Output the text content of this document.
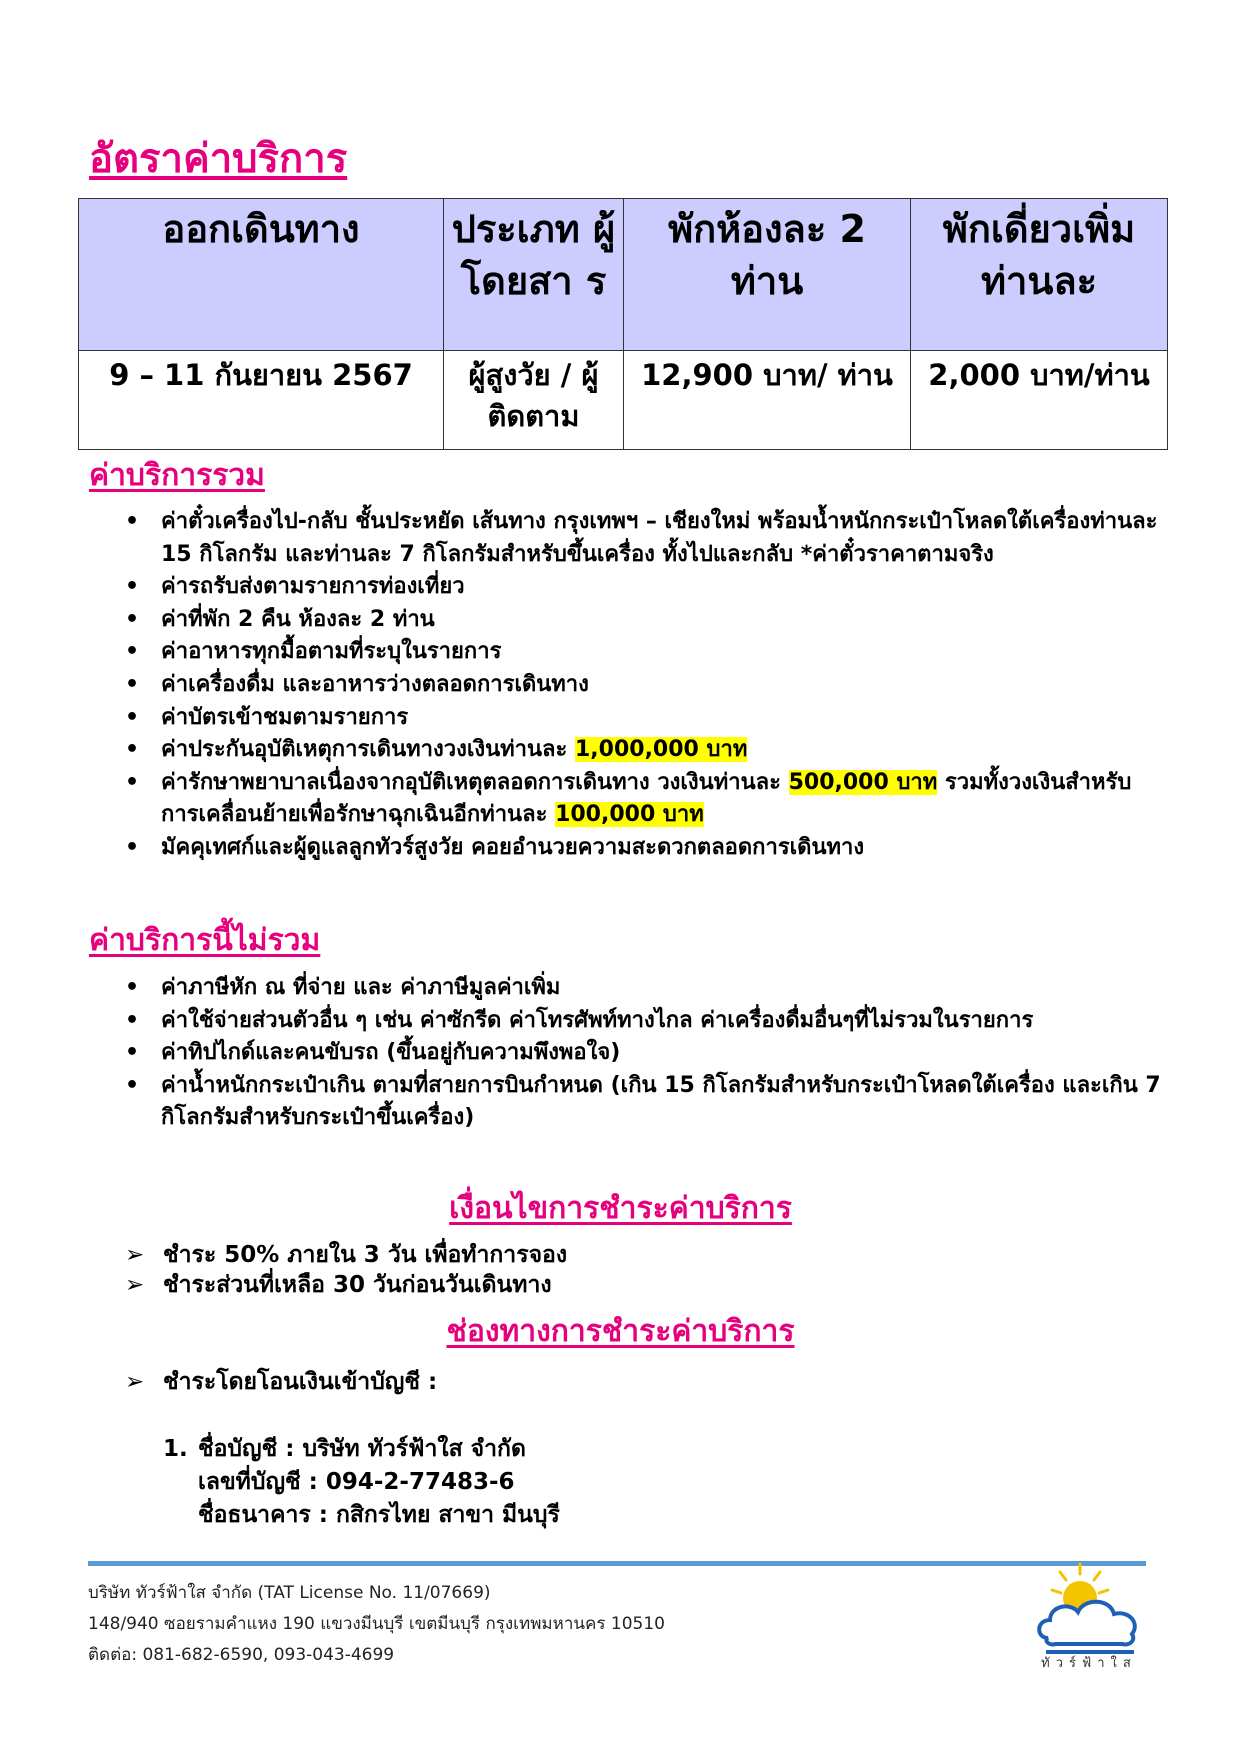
อัตราค่าบริการ
ออกเดินทาง	ประเภท ผู้โดยสา ร	พักห้องละ 2 ท่าน	พักเดี่ยวเพิ่ม ท่านละ
9 – 11 กันยายน 2567	ผู้สูงวัย / ผู้ติดตาม	12,900 บาท/ ท่าน	2,000 บาท/ท่าน
ค่าบริการรวม
• ค่าตั๋วเครื่องไป-กลับ ชั้นประหยัด เส้นทาง กรุงเทพฯ – เชียงใหม่ พร้อมน้ำหนักกระเป๋าโหลดใต้เครื่องท่านละ 15 กิโลกรัม และท่านละ 7 กิโลกรัมสำหรับขึ้นเครื่อง ทั้งไปและกลับ *ค่าตั๋วราคาตามจริง
• ค่ารถรับส่งตามรายการท่องเที่ยว
• ค่าที่พัก 2 คืน ห้องละ 2 ท่าน
• ค่าอาหารทุกมื้อตามที่ระบุในรายการ
• ค่าเครื่องดื่ม และอาหารว่างตลอดการเดินทาง
• ค่าบัตรเข้าชมตามรายการ
• ค่าประกันอุบัติเหตุการเดินทางวงเงินท่านละ 1,000,000 บาท
• ค่ารักษาพยาบาลเนื่องจากอุบัติเหตุตลอดการเดินทาง วงเงินท่านละ 500,000 บาท รวมทั้งวงเงินสำหรับการเคลื่อนย้ายเพื่อรักษาฉุกเฉินอีกท่านละ 100,000 บาท
• มัคคุเทศก์และผู้ดูแลลูกทัวร์สูงวัย คอยอำนวยความสะดวกตลอดการเดินทาง
ค่าบริการนี้ไม่รวม
• ค่าภาษีหัก ณ ที่จ่าย และ ค่าภาษีมูลค่าเพิ่ม
• ค่าใช้จ่ายส่วนตัวอื่น ๆ เช่น ค่าซักรีด ค่าโทรศัพท์ทางไกล ค่าเครื่องดื่มอื่นๆที่ไม่รวมในรายการ
• ค่าทิปไกด์และคนขับรถ (ขึ้นอยู่กับความพึงพอใจ)
• ค่าน้ำหนักกระเป๋าเกิน ตามที่สายการบินกำหนด (เกิน 15 กิโลกรัมสำหรับกระเป๋าโหลดใต้เครื่อง และเกิน 7 กิโลกรัมสำหรับกระเป๋าขึ้นเครื่อง)
เงื่อนไขการชำระค่าบริการ
➢ ชำระ 50% ภายใน 3 วัน เพื่อทำการจอง
➢ ชำระส่วนที่เหลือ 30 วันก่อนวันเดินทาง
ช่องทางการชำระค่าบริการ
➢ ชำระโดยโอนเงินเข้าบัญชี :
1. ชื่อบัญชี : บริษัท ทัวร์ฟ้าใส จำกัด
เลขที่บัญชี : 094-2-77483-6
ชื่อธนาคาร : กสิกรไทย สาขา มีนบุรี
บริษัท ทัวร์ฟ้าใส จำกัด (TAT License No. 11/07669)
148/940 ซอยรามคำแหง 190 แขวงมีนบุรี เขตมีนบุรี กรุงเทพมหานคร 10510
ติดต่อ: 081-682-6590, 093-043-4699	ทัวร์ฟ้าใส
